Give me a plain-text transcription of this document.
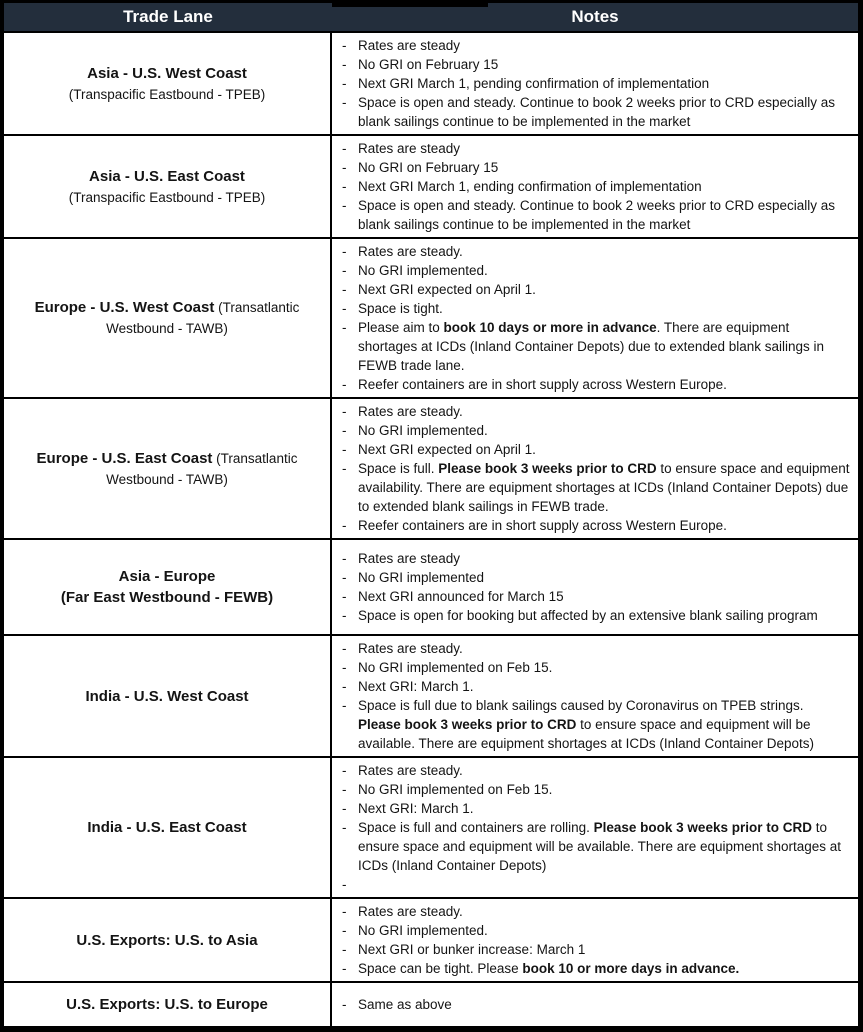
Trade Lane	Notes

Asia - U.S. West Coast

(Transpacific Eastbound - TPEB)

- Rates are steady
- No GRI on February 15
- Next GRI March 1, pending confirmation of implementation
- Space is open and steady. Continue to book 2 weeks prior to CRD especially as blank sailings continue to be implemented in the market

Asia - U.S. East Coast

(Transpacific Eastbound - TPEB)

- Rates are steady
- No GRI on February 15
- Next GRI March 1, ending confirmation of implementation
- Space is open and steady. Continue to book 2 weeks prior to CRD especially as blank sailings continue to be implemented in the market

Europe - U.S. West Coast (Transatlantic Westbound - TAWB)

- Rates are steady.
- No GRI implemented.
- Next GRI expected on April 1.
- Space is tight.
- Please aim to book 10 days or more in advance. There are equipment shortages at ICDs (Inland Container Depots) due to extended blank sailings in FEWB trade lane.
- Reefer containers are in short supply across Western Europe.

Europe - U.S. East Coast (Transatlantic Westbound - TAWB)

- Rates are steady.
- No GRI implemented.
- Next GRI expected on April 1.
- Space is full. Please book 3 weeks prior to CRD to ensure space and equipment availability. There are equipment shortages at ICDs (Inland Container Depots) due to extended blank sailings in FEWB trade.
- Reefer containers are in short supply across Western Europe.

Asia - Europe

(Far East Westbound - FEWB)

- Rates are steady
- No GRI implemented
- Next GRI announced for March 15
- Space is open for booking but affected by an extensive blank sailing program

India - U.S. West Coast

- Rates are steady.
- No GRI implemented on Feb 15.
- Next GRI: March 1.
- Space is full due to blank sailings caused by Coronavirus on TPEB strings. Please book 3 weeks prior to CRD to ensure space and equipment will be available. There are equipment shortages at ICDs (Inland Container Depots)

India - U.S. East Coast

- Rates are steady.
- No GRI implemented on Feb 15.
- Next GRI: March 1.
- Space is full and containers are rolling. Please book 3 weeks prior to CRD to ensure space and equipment will be available. There are equipment shortages at ICDs (Inland Container Depots)
-

U.S. Exports: U.S. to Asia

- Rates are steady.
- No GRI implemented.
- Next GRI or bunker increase: March 1
- Space can be tight. Please book 10 or more days in advance.

U.S. Exports: U.S. to Europe	- Same as above
